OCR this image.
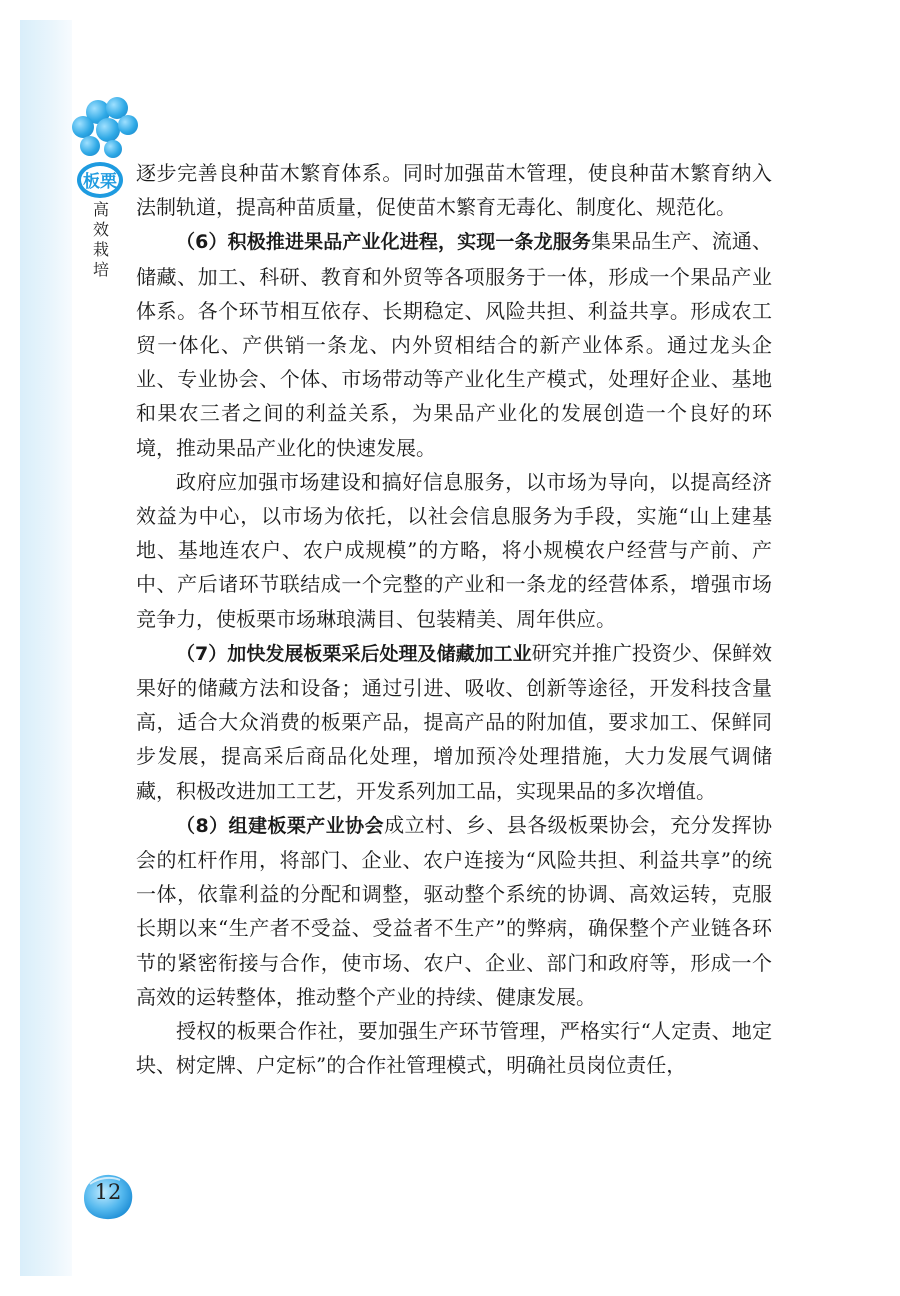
板栗
高
效
栽
培

逐步完善良种苗木繁育体系。同时加强苗木管理，使良种苗木繁育纳入法制轨道，提高种苗质量，促使苗木繁育无毒化、制度化、规范化。

（6）积极推进果品产业化进程，实现一条龙服务集果品生产、流通、储藏、加工、科研、教育和外贸等各项服务于一体，形成一个果品产业体系。各个环节相互依存、长期稳定、风险共担、利益共享。形成农工贸一体化、产供销一条龙、内外贸相结合的新产业体系。通过龙头企业、专业协会、个体、市场带动等产业化生产模式，处理好企业、基地和果农三者之间的利益关系，为果品产业化的发展创造一个良好的环境，推动果品产业化的快速发展。

政府应加强市场建设和搞好信息服务，以市场为导向，以提高经济效益为中心，以市场为依托，以社会信息服务为手段，实施“山上建基地、基地连农户、农户成规模”的方略，将小规模农户经营与产前、产中、产后诸环节联结成一个完整的产业和一条龙的经营体系，增强市场竞争力，使板栗市场琳琅满目、包装精美、周年供应。

（7）加快发展板栗采后处理及储藏加工业研究并推广投资少、保鲜效果好的储藏方法和设备；通过引进、吸收、创新等途径，开发科技含量高，适合大众消费的板栗产品，提高产品的附加值，要求加工、保鲜同步发展，提高采后商品化处理，增加预冷处理措施，大力发展气调储藏，积极改进加工工艺，开发系列加工品，实现果品的多次增值。

（8）组建板栗产业协会成立村、乡、县各级板栗协会，充分发挥协会的杠杆作用，将部门、企业、农户连接为“风险共担、利益共享”的统一体，依靠利益的分配和调整，驱动整个系统的协调、高效运转，克服长期以来“生产者不受益、受益者不生产”的弊病，确保整个产业链各环节的紧密衔接与合作，使市场、农户、企业、部门和政府等，形成一个高效的运转整体，推动整个产业的持续、健康发展。

授权的板栗合作社，要加强生产环节管理，严格实行“人定责、地定块、树定牌、户定标”的合作社管理模式，明确社员岗位责任，

12
